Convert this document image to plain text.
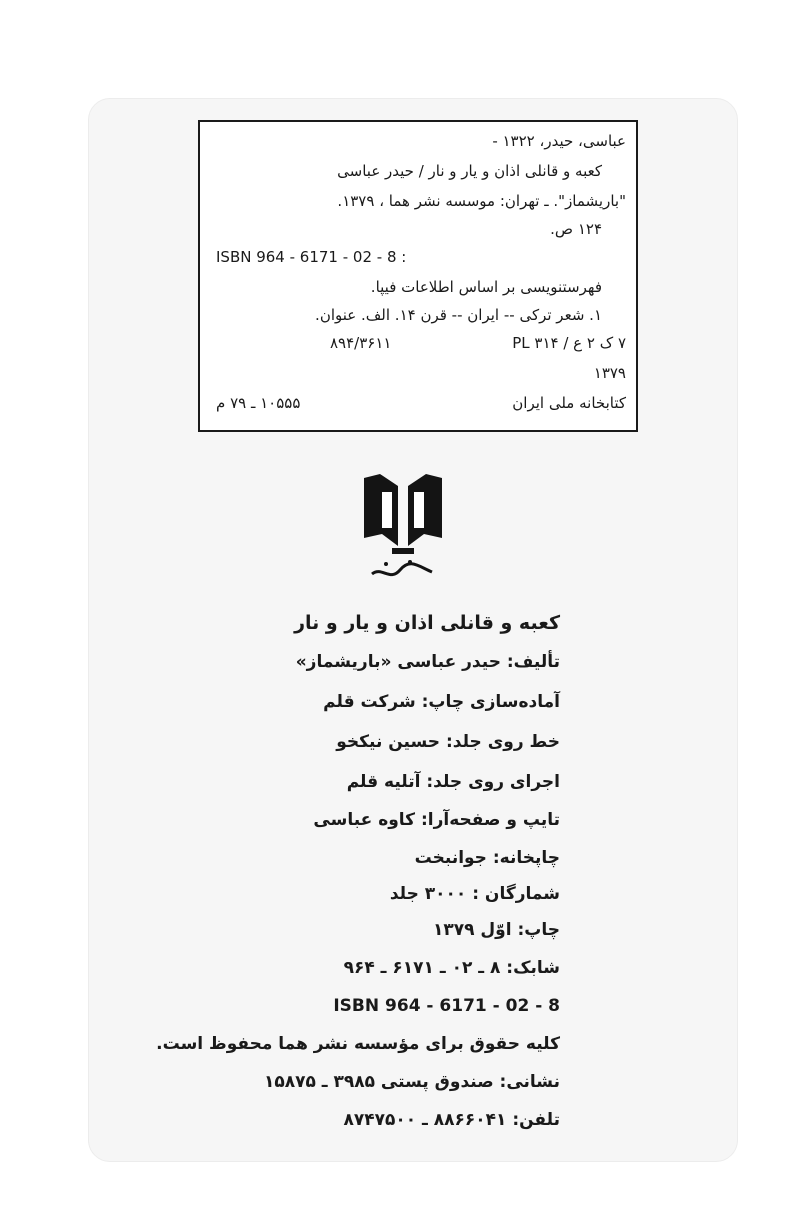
عباسی، حیدر، ۱۳۲۲ -
کعبه و قانلی اذان و یار و نار / حیدر عباسی
"باریشماز". ـ تهران: موسسه نشر هما ، ۱۳۷۹.
۱۲۴ ص.
ISBN 964 - 6171 - 02 - 8 :
فهرستنویسی بر اساس اطلاعات فیپا.
۱. شعر ترکی -- ایران -- قرن ۱۴. الف. عنوان.
۷ ک ۲ ع / ۳۱۴ PL
۸۹۴/۳۶۱۱
۱۳۷۹
کتابخانه ملی ایران
۱۰۵۵۵ ـ ۷۹ م
کعبه و قانلی اذان و یار و نار
تألیف: حیدر عباسی «باریشماز»
آماده‌سازی چاپ: شرکت قلم
خط روی جلد: حسین نیکخو
اجرای روی جلد: آتلیه قلم
تایپ و صفحه‌آرا: کاوه عباسی
چاپخانه: جوانبخت
شمارگان : ۳۰۰۰ جلد
چاپ: اوّل ۱۳۷۹
شابک: ۸ ـ ۰۲ ـ ۶۱۷۱ ـ ۹۶۴
ISBN 964 - 6171 - 02 - 8
کلیه حقوق برای مؤسسه نشر هما محفوظ است.
نشانی: صندوق پستی ۳۹۸۵ ـ ۱۵۸۷۵
تلفن: ۸۸۶۶۰۴۱ ـ ۸۷۴۷۵۰۰
